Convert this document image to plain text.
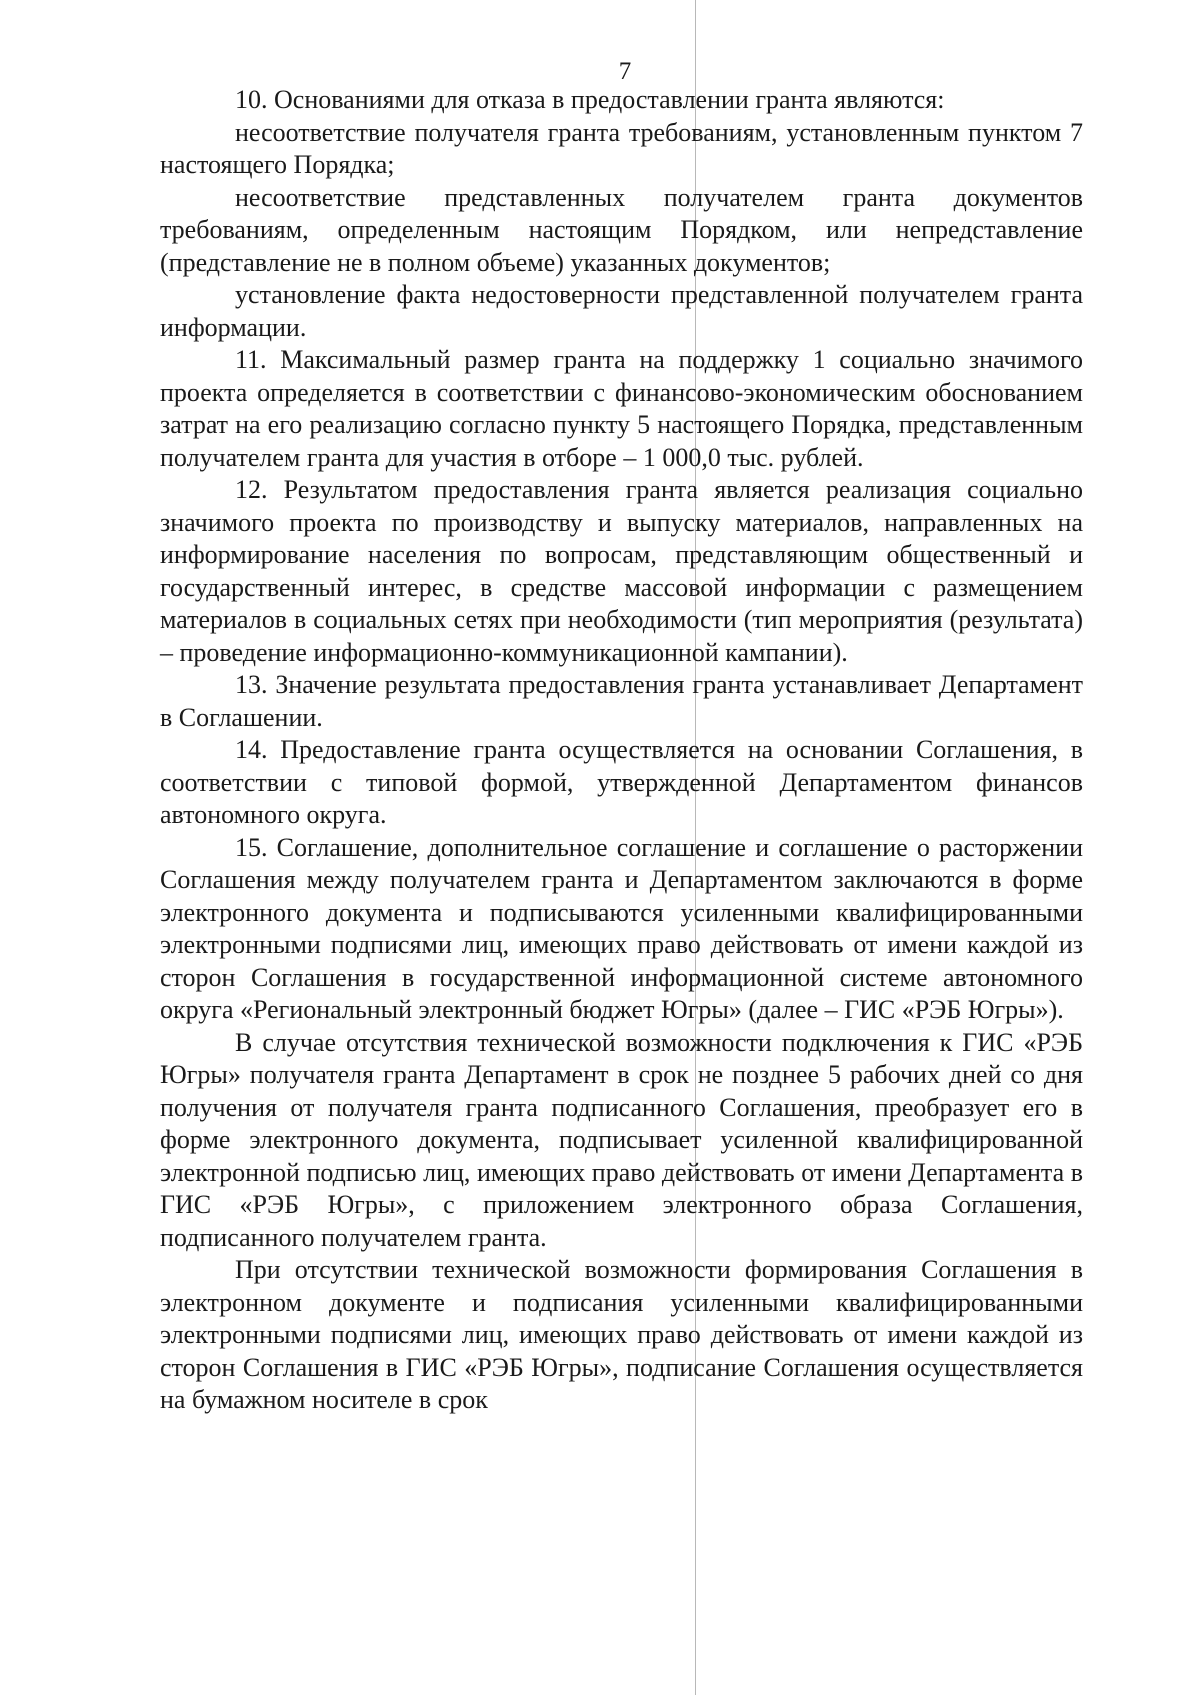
7

10. Основаниями для отказа в предоставлении гранта являются:

несоответствие получателя гранта требованиям, установленным пунктом 7 настоящего Порядка;

несоответствие представленных получателем гранта документов требованиям, определенным настоящим Порядком, или непредставление (представление не в полном объеме) указанных документов;

установление факта недостоверности представленной получателем гранта информации.

11. Максимальный размер гранта на поддержку 1 социально значимого проекта определяется в соответствии с финансово-экономическим обоснованием затрат на его реализацию согласно пункту 5 настоящего Порядка, представленным получателем гранта для участия в отборе – 1 000,0 тыс. рублей.

12. Результатом предоставления гранта является реализация социально значимого проекта по производству и выпуску материалов, направленных на информирование населения по вопросам, представляющим общественный и государственный интерес, в средстве массовой информации с размещением материалов в социальных сетях при необходимости (тип мероприятия (результата) – проведение информационно-коммуникационной кампании).

13. Значение результата предоставления гранта устанавливает Департамент в Соглашении.

14. Предоставление гранта осуществляется на основании Соглашения, в соответствии с типовой формой, утвержденной Департаментом финансов автономного округа.

15. Соглашение, дополнительное соглашение и соглашение о расторжении Соглашения между получателем гранта и Департаментом заключаются в форме электронного документа и подписываются усиленными квалифицированными электронными подписями лиц, имеющих право действовать от имени каждой из сторон Соглашения в государственной информационной системе автономного округа «Региональный электронный бюджет Югры» (далее – ГИС «РЭБ Югры»).

В случае отсутствия технической возможности подключения к ГИС «РЭБ Югры» получателя гранта Департамент в срок не позднее 5 рабочих дней со дня получения от получателя гранта подписанного Соглашения, преобразует его в форме электронного документа, подписывает усиленной квалифицированной электронной подписью лиц, имеющих право действовать от имени Департамента в ГИС «РЭБ Югры», с приложением электронного образа Соглашения, подписанного получателем гранта.

При отсутствии технической возможности формирования Соглашения в электронном документе и подписания усиленными квалифицированными электронными подписями лиц, имеющих право действовать от имени каждой из сторон Соглашения в ГИС «РЭБ Югры», подписание Соглашения осуществляется на бумажном носителе в срок
